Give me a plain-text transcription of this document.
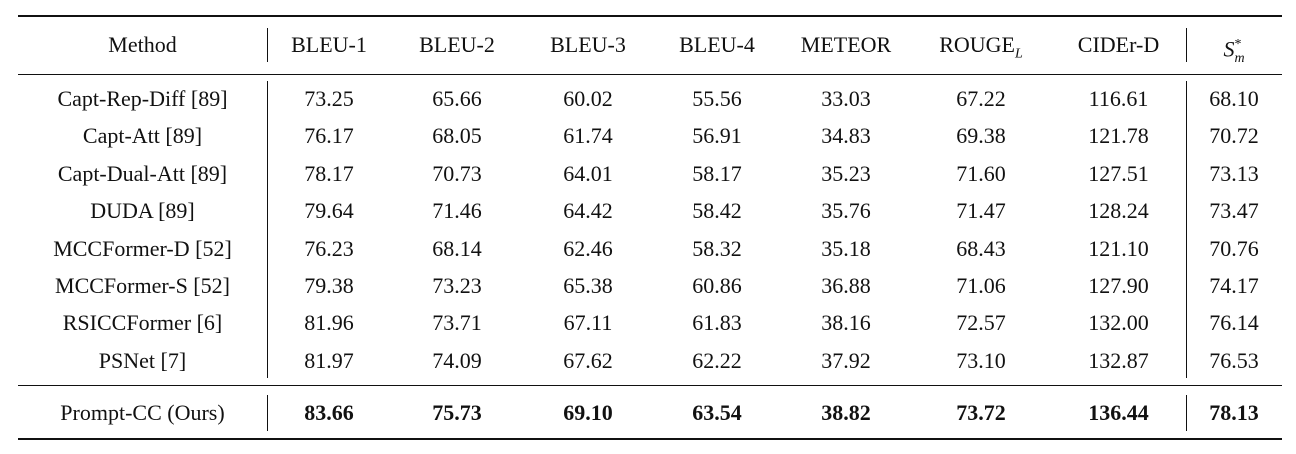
Method	BLEU-1	BLEU-2	BLEU-3	BLEU-4	METEOR	$ROUGE_L$	CIDEr-D	$S^*_m$
Capt-Rep-Diff [89]	73.25	65.66	60.02	55.56	33.03	67.22	116.61	68.10
Capt-Att [89]	76.17	68.05	61.74	56.91	34.83	69.38	121.78	70.72
Capt-Dual-Att [89]	78.17	70.73	64.01	58.17	35.23	71.60	127.51	73.13
DUDA [89]	79.64	71.46	64.42	58.42	35.76	71.47	128.24	73.47
MCCFormer-D [52]	76.23	68.14	62.46	58.32	35.18	68.43	121.10	70.76
MCCFormer-S [52]	79.38	73.23	65.38	60.86	36.88	71.06	127.90	74.17
RSICCFormer [6]	81.96	73.71	67.11	61.83	38.16	72.57	132.00	76.14
PSNet [7]	81.97	74.09	67.62	62.22	37.92	73.10	132.87	76.53
Prompt-CC (Ours)	83.66	75.73	69.10	63.54	38.82	73.72	136.44	78.13
